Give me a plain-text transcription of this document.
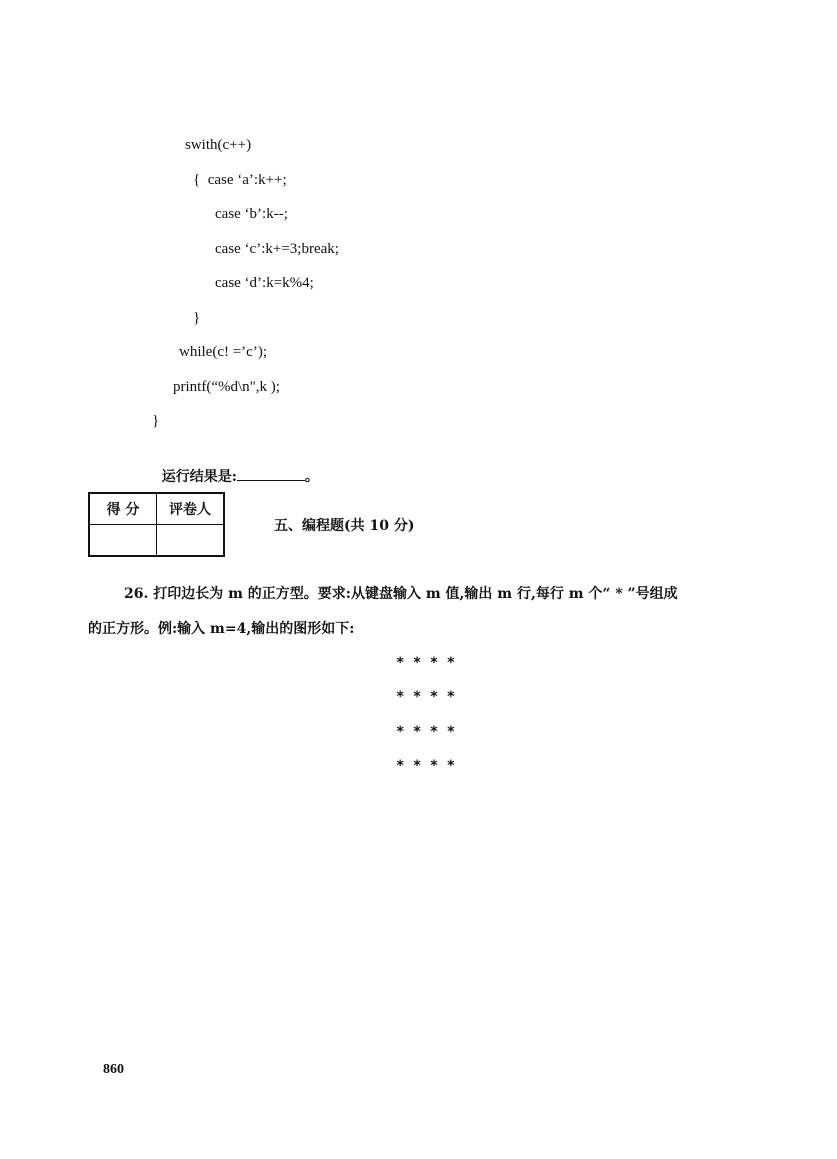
swith(c++)
{  case ‘a’:k++;
case ‘b’:k--;
case ‘c’:k+=3;break;
case ‘d’:k=k%4;
}
while(c! =’c’);
printf(“%d\n",k );
}

运行结果是:	。

得 分	评卷人

五、编程题(共 10 分)
26. 打印边长为 m 的正方型。要求:从键盘输入 m 值,输出 m 行,每行 m 个“ * ”号组成
的正方形。例:输入 m=4,输出的图形如下:
* * * *
* * * *
* * * *
* * * *
860
